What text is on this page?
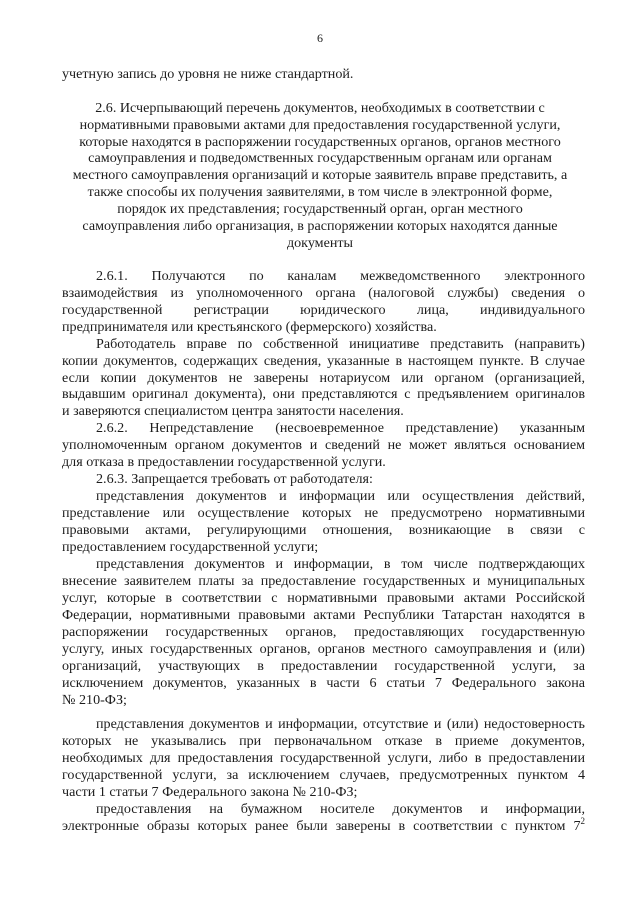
6
учетную запись до уровня не ниже стандартной.
2.6. Исчерпывающий перечень документов, необходимых в соответствии с
нормативными правовыми актами для предоставления государственной услуги,
которые находятся в распоряжении государственных органов, органов местного
самоуправления и подведомственных государственным органам или органам
местного самоуправления организаций и которые заявитель вправе представить, а
также способы их получения заявителями, в том числе в электронной форме,
порядок их представления; государственный орган, орган местного
самоуправления либо организация, в распоряжении которых находятся данные
документы
2.6.1. Получаются по каналам межведомственного электронного
взаимодействия из уполномоченного органа (налоговой службы) сведения о
государственной регистрации юридического лица, индивидуального
предпринимателя или крестьянского (фермерского) хозяйства.
Работодатель вправе по собственной инициативе представить (направить)
копии документов, содержащих сведения, указанные в настоящем пункте. В случае
если копии документов не заверены нотариусом или органом (организацией,
выдавшим оригинал документа), они представляются с предъявлением оригиналов
и заверяются специалистом центра занятости населения.
2.6.2. Непредставление (несвоевременное представление) указанным
уполномоченным органом документов и сведений не может являться основанием
для отказа в предоставлении государственной услуги.
2.6.3. Запрещается требовать от работодателя:
представления документов и информации или осуществления действий,
представление или осуществление которых не предусмотрено нормативными
правовыми актами, регулирующими отношения, возникающие в связи с
предоставлением государственной услуги;
представления документов и информации, в том числе подтверждающих
внесение заявителем платы за предоставление государственных и муниципальных
услуг, которые в соответствии с нормативными правовыми актами Российской
Федерации, нормативными правовыми актами Республики Татарстан находятся в
распоряжении государственных органов, предоставляющих государственную
услугу, иных государственных органов, органов местного самоуправления и (или)
организаций, участвующих в предоставлении государственной услуги, за
исключением документов, указанных в части 6 статьи 7 Федерального закона
№ 210-ФЗ;
представления документов и информации, отсутствие и (или) недостоверность
которых не указывались при первоначальном отказе в приеме документов,
необходимых для предоставления государственной услуги, либо в предоставлении
государственной услуги, за исключением случаев, предусмотренных пунктом 4
части 1 статьи 7 Федерального закона № 210-ФЗ;
предоставления на бумажном носителе документов и информации,
электронные образы которых ранее были заверены в соответствии с пунктом $7^2$
